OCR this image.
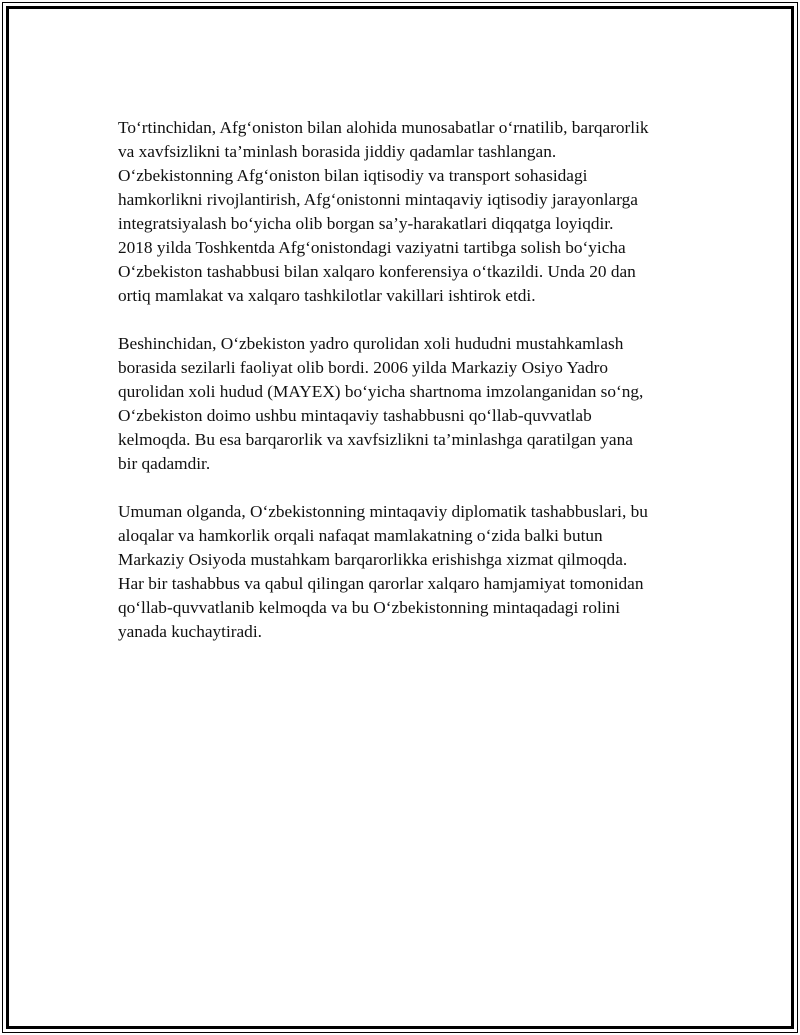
To‘rtinchidan, Afg‘oniston bilan alohida munosabatlar o‘rnatilib, barqarorlik
va xavfsizlikni ta’minlash borasida jiddiy qadamlar tashlangan.
O‘zbekistonning Afg‘oniston bilan iqtisodiy va transport sohasidagi
hamkorlikni rivojlantirish, Afg‘onistonni mintaqaviy iqtisodiy jarayonlarga
integratsiyalash bo‘yicha olib borgan sa’y-harakatlari diqqatga loyiqdir.
2018 yilda Toshkentda Afg‘onistondagi vaziyatni tartibga solish bo‘yicha
O‘zbekiston tashabbusi bilan xalqaro konferensiya o‘tkazildi. Unda 20 dan
ortiq mamlakat va xalqaro tashkilotlar vakillari ishtirok etdi.

Beshinchidan, O‘zbekiston yadro qurolidan xoli hududni mustahkamlash
borasida sezilarli faoliyat olib bordi. 2006 yilda Markaziy Osiyo Yadro
qurolidan xoli hudud (MAYEX) bo‘yicha shartnoma imzolanganidan so‘ng,
O‘zbekiston doimo ushbu mintaqaviy tashabbusni qo‘llab-quvvatlab
kelmoqda. Bu esa barqarorlik va xavfsizlikni ta’minlashga qaratilgan yana
bir qadamdir.

Umuman olganda, O‘zbekistonning mintaqaviy diplomatik tashabbuslari, bu
aloqalar va hamkorlik orqali nafaqat mamlakatning o‘zida balki butun
Markaziy Osiyoda mustahkam barqarorlikka erishishga xizmat qilmoqda.
Har bir tashabbus va qabul qilingan qarorlar xalqaro hamjamiyat tomonidan
qo‘llab-quvvatlanib kelmoqda va bu O‘zbekistonning mintaqadagi rolini
yanada kuchaytiradi.
